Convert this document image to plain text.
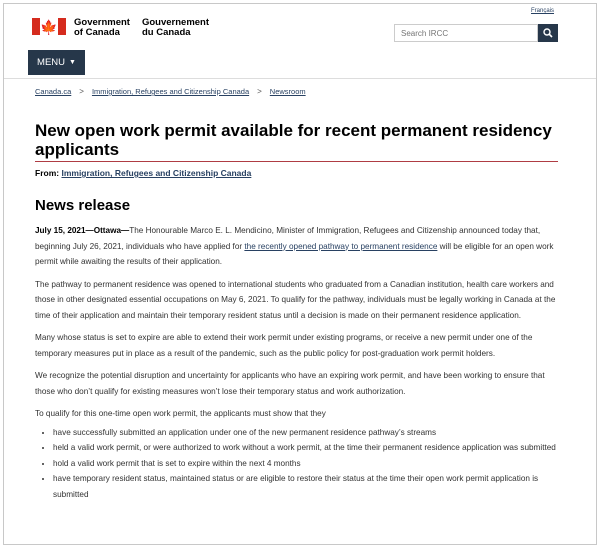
Français
🍁 Government
of Canada
Gouvernement
du Canada
Search IRCC
MENU ▼
Canada.ca > Immigration, Refugees and Citizenship Canada > Newsroom
New open work permit available for recent permanent residency applicants
From: Immigration, Refugees and Citizenship Canada
News release

July 15, 2021—Ottawa—The Honourable Marco E. L. Mendicino, Minister of Immigration, Refugees and Citizenship announced today that, beginning July 26, 2021, individuals who have applied for the recently opened pathway to permanent residence will be eligible for an open work permit while awaiting the results of their application.

The pathway to permanent residence was opened to international students who graduated from a Canadian institution, health care workers and those in other designated essential occupations on May 6, 2021. To qualify for the pathway, individuals must be legally working in Canada at the time of their application and maintain their temporary resident status until a decision is made on their permanent residence application.

Many whose status is set to expire are able to extend their work permit under existing programs, or receive a new permit under one of the temporary measures put in place as a result of the pandemic, such as the public policy for post-graduation work permit holders.

We recognize the potential disruption and uncertainty for applicants who have an expiring work permit, and have been working to ensure that those who don’t qualify for existing measures won’t lose their temporary status and work authorization.

To qualify for this one-time open work permit, the applicants must show that they

• have successfully submitted an application under one of the new permanent residence pathway’s streams
• held a valid work permit, or were authorized to work without a work permit, at the time their permanent residence application was submitted
• hold a valid work permit that is set to expire within the next 4 months
• have temporary resident status, maintained status or are eligible to restore their status at the time their open work permit application is submitted
